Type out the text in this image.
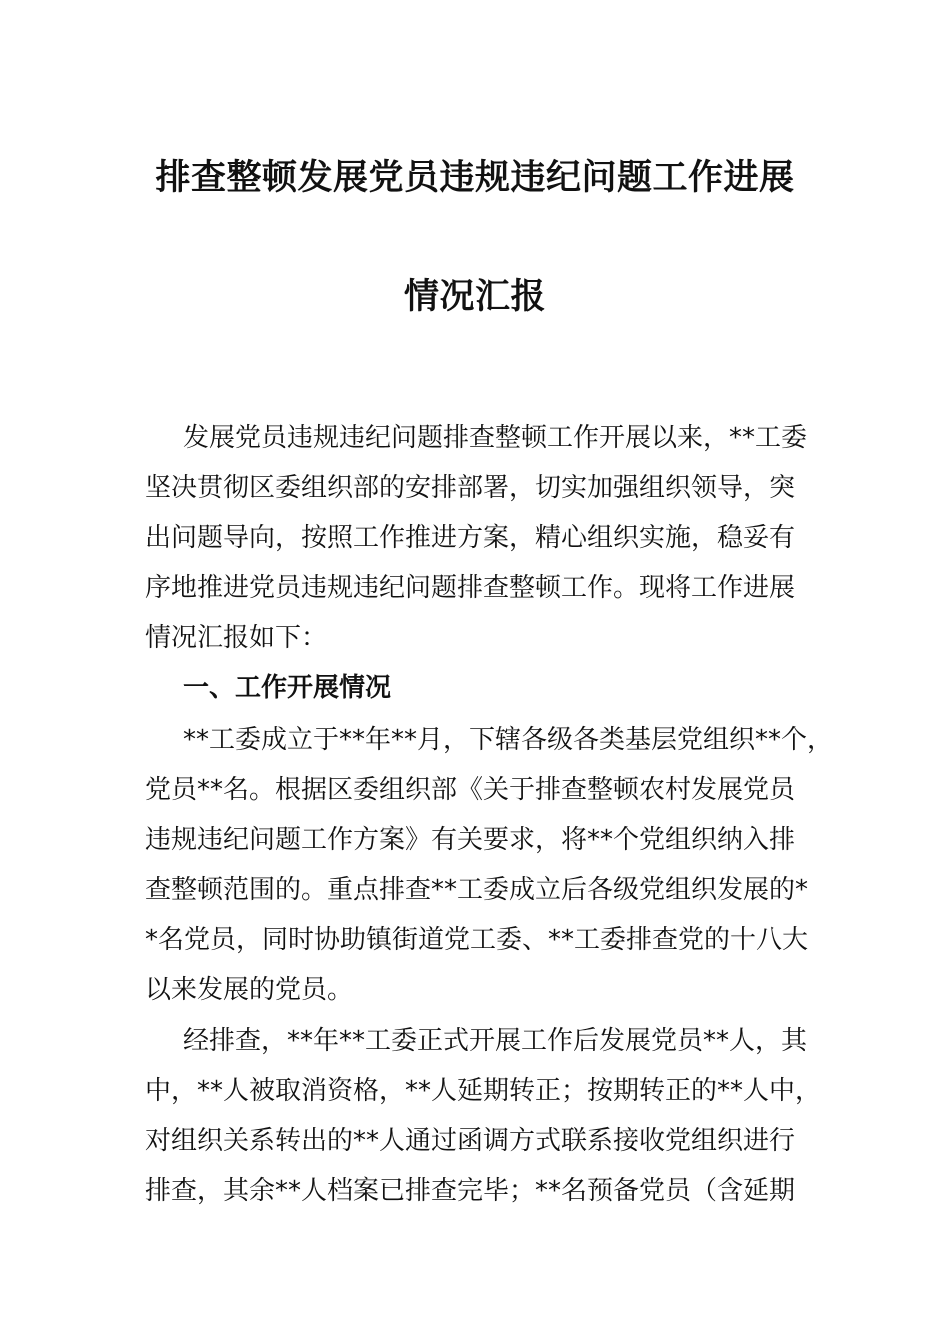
排查整顿发展党员违规违纪问题工作进展
情况汇报
发展党员违规违纪问题排查整顿工作开展以来，**工委
坚决贯彻区委组织部的安排部署，切实加强组织领导，突
出问题导向，按照工作推进方案，精心组织实施，稳妥有
序地推进党员违规违纪问题排查整顿工作。现将工作进展
情况汇报如下：
一、工作开展情况
**工委成立于**年**月，下辖各级各类基层党组织**个，
党员**名。根据区委组织部《关于排查整顿农村发展党员
违规违纪问题工作方案》有关要求，将**个党组织纳入排
查整顿范围的。重点排查**工委成立后各级党组织发展的*
*名党员，同时协助镇街道党工委、**工委排查党的十八大
以来发展的党员。
经排查，**年**工委正式开展工作后发展党员**人，其
中，**人被取消资格，**人延期转正；按期转正的**人中，
对组织关系转出的**人通过函调方式联系接收党组织进行
排查，其余**人档案已排查完毕；**名预备党员（含延期
